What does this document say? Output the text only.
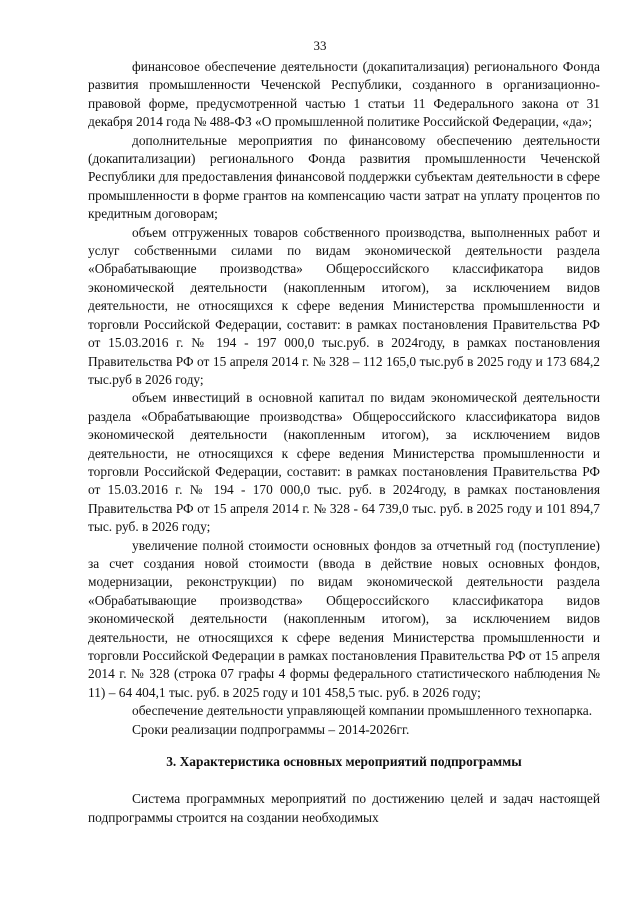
33

финансовое обеспечение деятельности (докапитализация) регионального Фонда развития промышленности Чеченской Республики, созданного в организационно-правовой форме, предусмотренной частью 1 статьи 11 Федерального закона от 31 декабря 2014 года № 488-ФЗ «О промышленной политике Российской Федерации, «да»;

дополнительные мероприятия по финансовому обеспечению деятельности (докапитализации) регионального Фонда развития промышленности Чеченской Республики для предоставления финансовой поддержки субъектам деятельности в сфере промышленности в форме грантов на компенсацию части затрат на уплату процентов по кредитным договорам;

объем отгруженных товаров собственного производства, выполненных работ и услуг собственными силами по видам экономической деятельности раздела «Обрабатывающие производства» Общероссийского классификатора видов экономической деятельности (накопленным итогом), за исключением видов деятельности, не относящихся к сфере ведения Министерства промышленности и торговли Российской Федерации, составит: в рамках постановления Правительства РФ от 15.03.2016 г. № 194 - 197 000,0 тыс.руб. в 2024году, в рамках постановления Правительства РФ от 15 апреля 2014 г. № 328 – 112 165,0 тыс.руб в 2025 году и 173 684,2 тыс.руб в 2026 году;

объем инвестиций в основной капитал по видам экономической деятельности раздела «Обрабатывающие производства» Общероссийского классификатора видов экономической деятельности (накопленным итогом), за исключением видов деятельности, не относящихся к сфере ведения Министерства промышленности и торговли Российской Федерации, составит: в рамках постановления Правительства РФ от 15.03.2016 г. № 194 - 170 000,0 тыс. руб. в 2024году, в рамках постановления Правительства РФ от 15 апреля 2014 г. № 328 - 64 739,0 тыс. руб. в 2025 году и 101 894,7 тыс. руб. в 2026 году;

увеличение полной стоимости основных фондов за отчетный год (поступление) за счет создания новой стоимости (ввода в действие новых основных фондов, модернизации, реконструкции) по видам экономической деятельности раздела «Обрабатывающие производства» Общероссийского классификатора видов экономической деятельности (накопленным итогом), за исключением видов деятельности, не относящихся к сфере ведения Министерства промышленности и торговли Российской Федерации в рамках постановления Правительства РФ от 15 апреля 2014 г. № 328 (строка 07 графы 4 формы федерального статистического наблюдения № 11) – 64 404,1 тыс. руб. в 2025 году и 101 458,5 тыс. руб. в 2026 году;

обеспечение деятельности управляющей компании промышленного технопарка.

Сроки реализации подпрограммы – 2014-2026гг.

3. Характеристика основных мероприятий подпрограммы

Система программных мероприятий по достижению целей и задач настоящей подпрограммы строится на создании необходимых
